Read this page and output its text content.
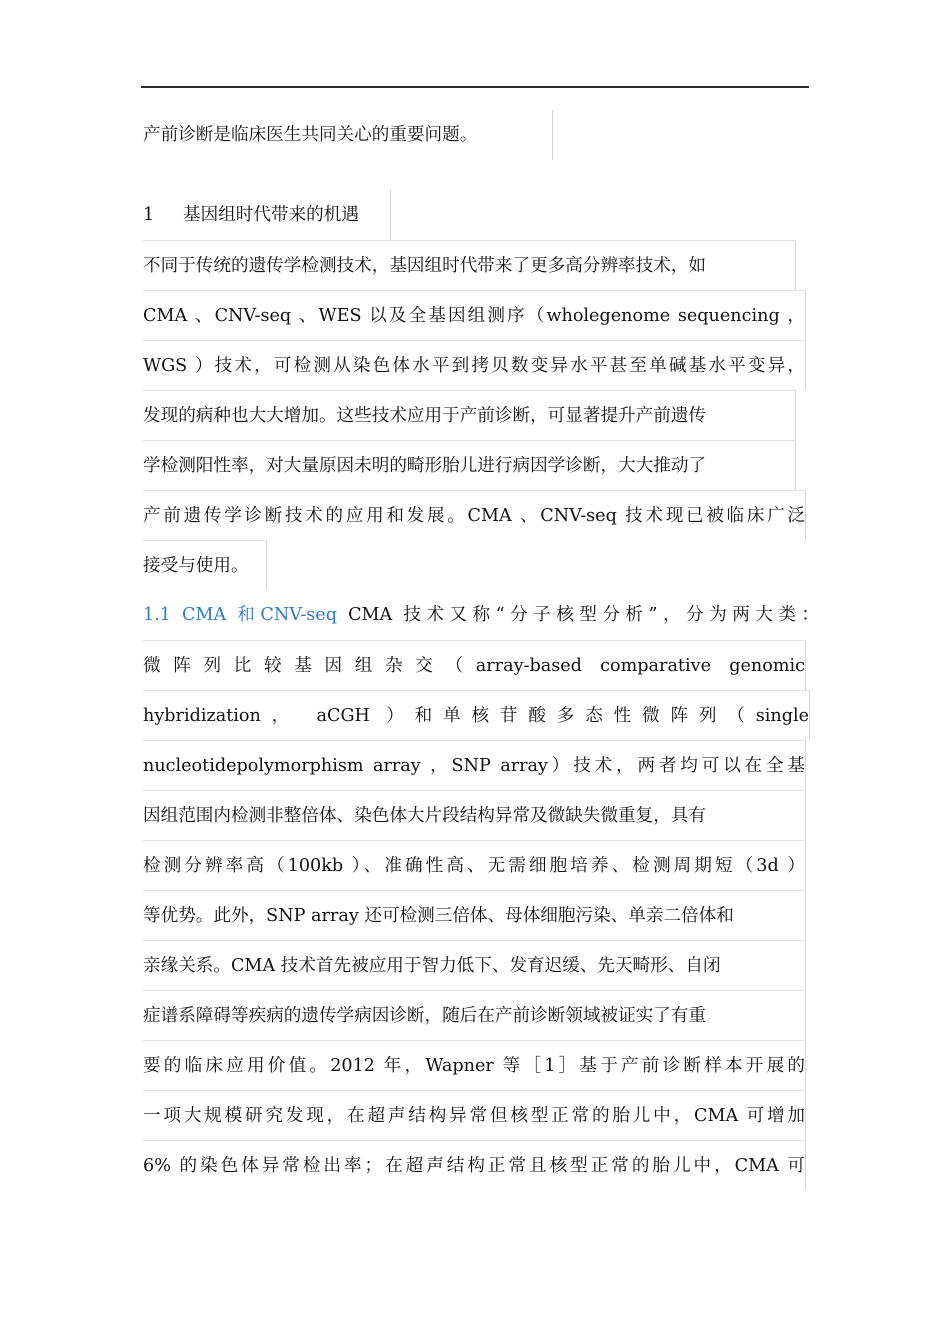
产前诊断是临床医生共同关心的重要问题。
1 基因组时代带来的机遇
不同于传统的遗传学检测技术，基因组时代带来了更多高分辨率技术，如
CMA 、CNV-seq 、WES 以及全基因组测序（wholegenome sequencing ，
WGS ）技术，可检测从染色体水平到拷贝数变异水平甚至单碱基水平变异，
发现的病种也大大增加。这些技术应用于产前诊断，可显著提升产前遗传
学检测阳性率，对大量原因未明的畸形胎儿进行病因学诊断，大大推动了
产前遗传学诊断技术的应用和发展。CMA 、CNV-seq 技术现已被临床广泛
接受与使用。
1.1 CMA 和CNV-seq CMA 技术又称“分子核型分析”，分为两大类：
微阵列比较基因组杂交（array-based comparative genomic
hybridization， aCGH ）和单核苷酸多态性微阵列（single
nucleotidepolymorphism array ，SNP array）技术，两者均可以在全基
因组范围内检测非整倍体、染色体大片段结构异常及微缺失微重复，具有
检测分辨率高（100kb ）、准确性高、无需细胞培养、检测周期短（3d ）
等优势。此外，SNP array 还可检测三倍体、母体细胞污染、单亲二倍体和
亲缘关系。CMA 技术首先被应用于智力低下、发育迟缓、先天畸形、自闭
症谱系障碍等疾病的遗传学病因诊断，随后在产前诊断领域被证实了有重
要的临床应用价值。2012 年，Wapner 等［1］基于产前诊断样本开展的
一项大规模研究发现，在超声结构异常但核型正常的胎儿中，CMA 可增加
6% 的染色体异常检出率；在超声结构正常且核型正常的胎儿中，CMA 可
